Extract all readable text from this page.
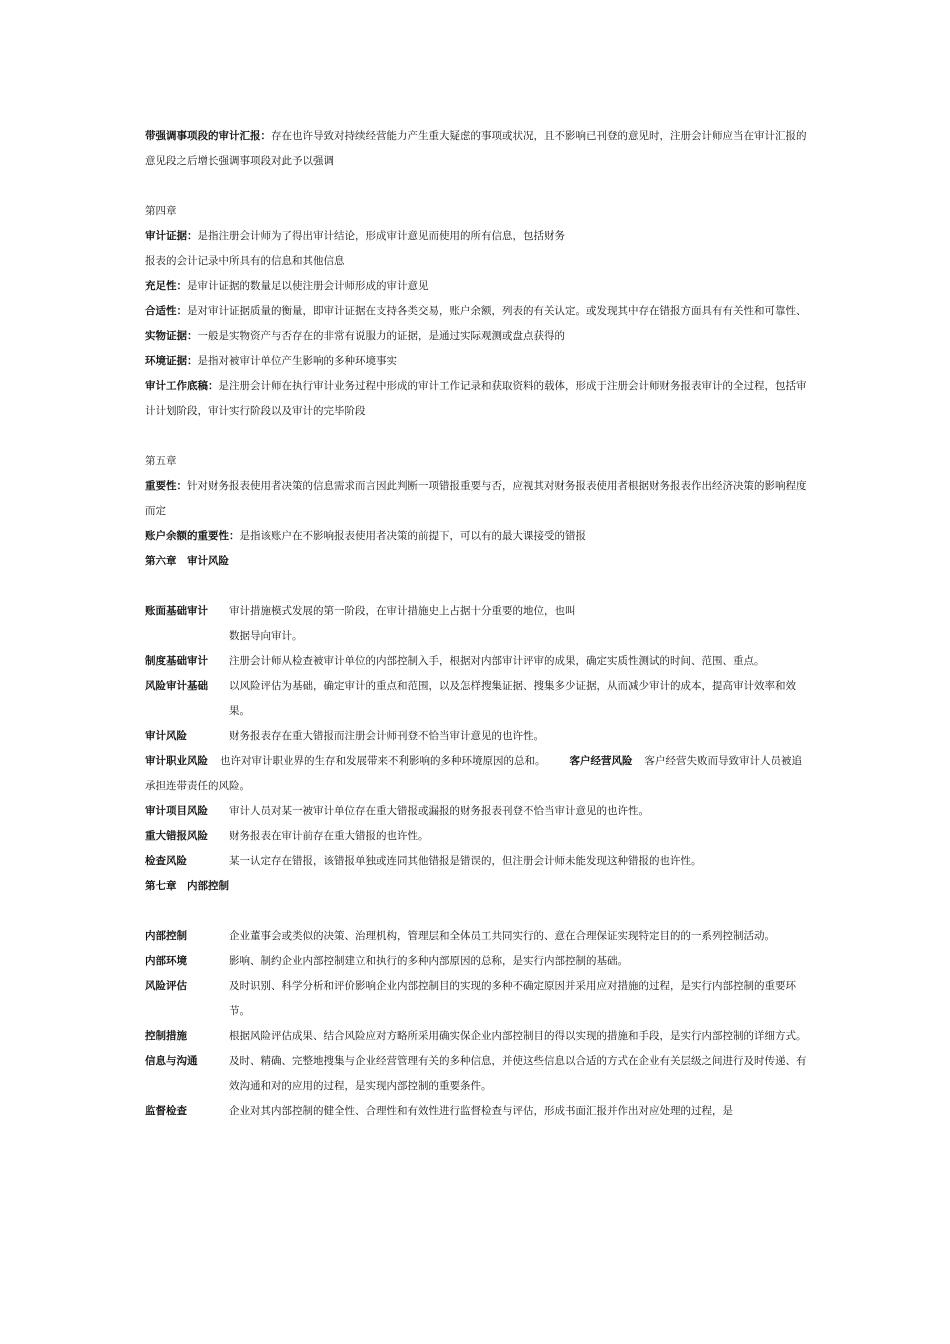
带强调事项段的审计汇报：存在也许导致对持续经营能力产生重大疑虑的事项或状况，且不影响已刊登的意见时，注册会计师应当在审计汇报的意见段之后增长强调事项段对此予以强调

第四章

审计证据：是指注册会计师为了得出审计结论，形成审计意见而使用的所有信息，包括财务

报表的会计记录中所具有的信息和其他信息

充足性：是审计证据的数量足以使注册会计师形成的审计意见

合适性：是对审计证据质量的衡量，即审计证据在支持各类交易，账户余额，列表的有关认定。或发现其中存在错报方面具有有关性和可靠性、

实物证据：一般是实物资产与否存在的非常有说服力的证据，是通过实际观测或盘点获得的

环境证据：是指对被审计单位产生影响的多种环境事实

审计工作底稿：是注册会计师在执行审计业务过程中形成的审计工作记录和获取资料的载体，形成于注册会计师财务报表审计的全过程，包括审计计划阶段，审计实行阶段以及审计的完毕阶段

第五章

重要性：针对财务报表使用者决策的信息需求而言因此判断一项错报重要与否，应视其对财务报表使用者根据财务报表作出经济决策的影响程度而定

账户余额的重要性：是指该账户在不影响报表使用者决策的前提下，可以有的最大课接受的错报

第六章　审计风险

账面基础审计	审计措施模式发展的第一阶段，在审计措施史上占据十分重要的地位，也叫
数据导向审计。
制度基础审计	注册会计师从检查被审计单位的内部控制入手，根据对内部审计评审的成果，确定实质性测试的时间、范围、重点。
风险审计基础	以风险评估为基础，确定审计的重点和范围，以及怎样搜集证据、搜集多少证据，从而减少审计的成本，提高审计效率和效果。
审计风险	财务报表存在重大错报而注册会计师刊登不恰当审计意见的也许性。

审计职业风险 也许对审计职业界的生存和发展带来不利影响的多种环境原因的总和。 客户经营风险 客户经营失败而导致审计人员被追承担连带责任的风险。

审计项目风险	审计人员对某一被审计单位存在重大错报或漏报的财务报表刊登不恰当审计意见的也许性。
重大错报风险	财务报表在审计前存在重大错报的也许性。
检查风险	某一认定存在错报，该错报单独或连同其他错报是错误的，但注册会计师未能发现这种错报的也许性。

第七章　内部控制

内部控制	企业董事会或类似的决策、治理机构，管理层和全体员工共同实行的、意在合理保证实现特定目的的一系列控制活动。
内部环境	影响、制约企业内部控制建立和执行的多种内部原因的总称，是实行内部控制的基础。
风险评估	及时识别、科学分析和评价影响企业内部控制目的实现的多种不确定原因并采用应对措施的过程，是实行内部控制的重要环节。
控制措施	根据风险评估成果、结合风险应对方略所采用确实保企业内部控制目的得以实现的措施和手段，是实行内部控制的详细方式。
信息与沟通	及时、精确、完整地搜集与企业经营管理有关的多种信息，并使这些信息以合适的方式在企业有关层级之间进行及时传递、有效沟通和对的应用的过程，是实现内部控制的重要条件。
监督检查	企业对其内部控制的健全性、合理性和有效性进行监督检查与评估，形成书面汇报并作出对应处理的过程，是
